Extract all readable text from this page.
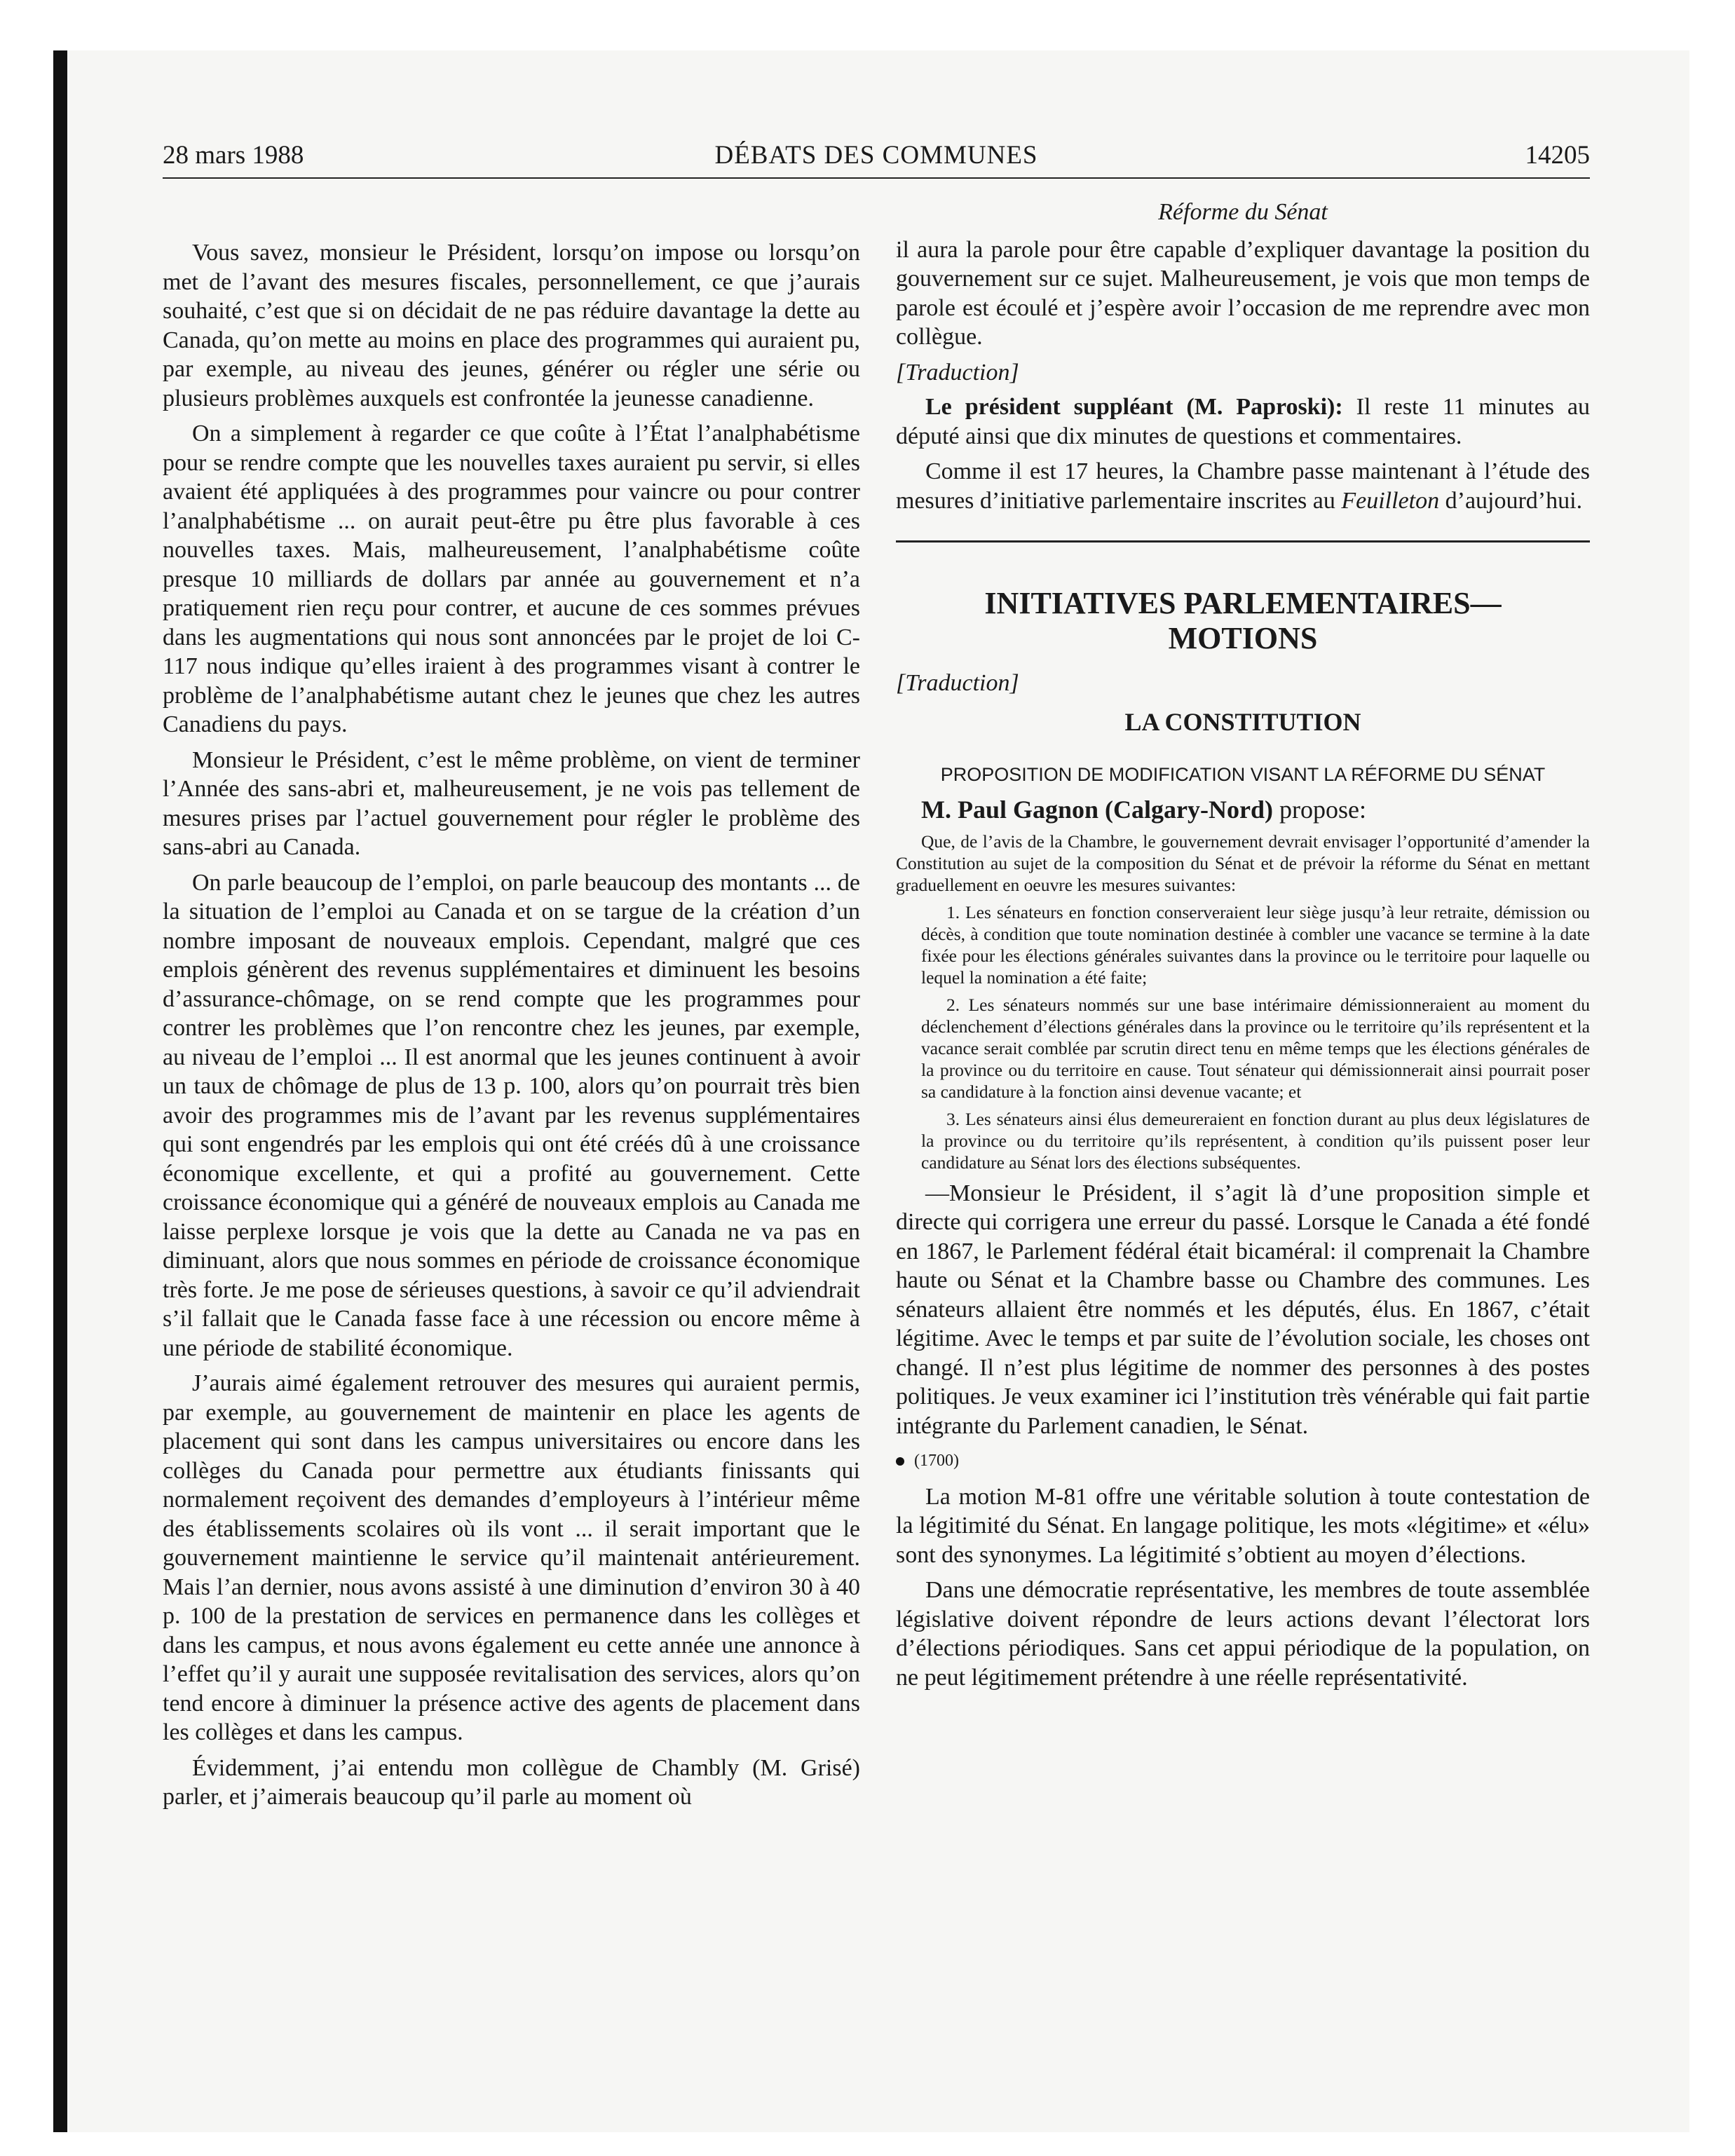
28 mars 1988	DÉBATS DES COMMUNES	14205

Vous savez, monsieur le Président, lorsqu’on impose ou lorsqu’on met de l’avant des mesures fiscales, personnellement, ce que j’aurais souhaité, c’est que si on décidait de ne pas réduire davantage la dette au Canada, qu’on mette au moins en place des programmes qui auraient pu, par exemple, au niveau des jeunes, générer ou régler une série ou plusieurs problèmes auxquels est confrontée la jeunesse canadienne.

On a simplement à regarder ce que coûte à l’État l’analphabétisme pour se rendre compte que les nouvelles taxes auraient pu servir, si elles avaient été appliquées à des programmes pour vaincre ou pour contrer l’analphabétisme ... on aurait peut-être pu être plus favorable à ces nouvelles taxes. Mais, malheureusement, l’analphabétisme coûte presque 10 milliards de dollars par année au gouvernement et n’a pratiquement rien reçu pour contrer, et aucune de ces sommes prévues dans les augmentations qui nous sont annoncées par le projet de loi C-117 nous indique qu’elles iraient à des programmes visant à contrer le problème de l’analphabétisme autant chez le jeunes que chez les autres Canadiens du pays.

Monsieur le Président, c’est le même problème, on vient de terminer l’Année des sans-abri et, malheureusement, je ne vois pas tellement de mesures prises par l’actuel gouvernement pour régler le problème des sans-abri au Canada.

On parle beaucoup de l’emploi, on parle beaucoup des montants ... de la situation de l’emploi au Canada et on se targue de la création d’un nombre imposant de nouveaux emplois. Cependant, malgré que ces emplois génèrent des revenus supplémentaires et diminuent les besoins d’assurance-chômage, on se rend compte que les programmes pour contrer les problèmes que l’on rencontre chez les jeunes, par exemple, au niveau de l’emploi ... Il est anormal que les jeunes continuent à avoir un taux de chômage de plus de 13 p. 100, alors qu’on pourrait très bien avoir des programmes mis de l’avant par les revenus supplémentaires qui sont engendrés par les emplois qui ont été créés dû à une croissance économique excellente, et qui a profité au gouvernement. Cette croissance économique qui a généré de nouveaux emplois au Canada me laisse perplexe lorsque je vois que la dette au Canada ne va pas en diminuant, alors que nous sommes en période de croissance économique très forte. Je me pose de sérieuses questions, à savoir ce qu’il adviendrait s’il fallait que le Canada fasse face à une récession ou encore même à une période de stabilité économique.

J’aurais aimé également retrouver des mesures qui auraient permis, par exemple, au gouvernement de maintenir en place les agents de placement qui sont dans les campus universitaires ou encore dans les collèges du Canada pour permettre aux étudiants finissants qui normalement reçoivent des demandes d’employeurs à l’intérieur même des établissements scolaires où ils vont ... il serait important que le gouvernement maintienne le service qu’il maintenait antérieurement. Mais l’an dernier, nous avons assisté à une diminution d’environ 30 à 40 p. 100 de la prestation de services en permanence dans les collèges et dans les campus, et nous avons également eu cette année une annonce à l’effet qu’il y aurait une supposée revitalisation des services, alors qu’on tend encore à diminuer la présence active des agents de placement dans les collèges et dans les campus.

Évidemment, j’ai entendu mon collègue de Chambly (M. Grisé) parler, et j’aimerais beaucoup qu’il parle au moment où

Réforme du Sénat

il aura la parole pour être capable d’expliquer davantage la position du gouvernement sur ce sujet. Malheureusement, je vois que mon temps de parole est écoulé et j’espère avoir l’occasion de me reprendre avec mon collègue.

[Traduction]

Le président suppléant (M. Paproski): Il reste 11 minutes au député ainsi que dix minutes de questions et commentaires.

Comme il est 17 heures, la Chambre passe maintenant à l’étude des mesures d’initiative parlementaire inscrites au Feuilleton d’aujourd’hui.

INITIATIVES PARLEMENTAIRES—
MOTIONS
[Traduction]
LA CONSTITUTION
PROPOSITION DE MODIFICATION VISANT LA RÉFORME DU SÉNAT
M. Paul Gagnon (Calgary-Nord) propose:

Que, de l’avis de la Chambre, le gouvernement devrait envisager l’opportunité d’amender la Constitution au sujet de la composition du Sénat et de prévoir la réforme du Sénat en mettant graduellement en oeuvre les mesures suivantes:

1. Les sénateurs en fonction conserveraient leur siège jusqu’à leur retraite, démission ou décès, à condition que toute nomination destinée à combler une vacance se termine à la date fixée pour les élections générales suivantes dans la province ou le territoire pour laquelle ou lequel la nomination a été faite;

2. Les sénateurs nommés sur une base intérimaire démissionneraient au moment du déclenchement d’élections générales dans la province ou le territoire qu’ils représentent et la vacance serait comblée par scrutin direct tenu en même temps que les élections générales de la province ou du territoire en cause. Tout sénateur qui démissionnerait ainsi pourrait poser sa candidature à la fonction ainsi devenue vacante; et

3. Les sénateurs ainsi élus demeureraient en fonction durant au plus deux législatures de la province ou du territoire qu’ils représentent, à condition qu’ils puissent poser leur candidature au Sénat lors des élections subséquentes.

—Monsieur le Président, il s’agit là d’une proposition simple et directe qui corrigera une erreur du passé. Lorsque le Canada a été fondé en 1867, le Parlement fédéral était bicaméral: il comprenait la Chambre haute ou Sénat et la Chambre basse ou Chambre des communes. Les sénateurs allaient être nommés et les députés, élus. En 1867, c’était légitime. Avec le temps et par suite de l’évolution sociale, les choses ont changé. Il n’est plus légitime de nommer des personnes à des postes politiques. Je veux examiner ici l’institution très vénérable qui fait partie intégrante du Parlement canadien, le Sénat.

(1700)

La motion M-81 offre une véritable solution à toute contestation de la légitimité du Sénat. En langage politique, les mots «légitime» et «élu» sont des synonymes. La légitimité s’obtient au moyen d’élections.

Dans une démocratie représentative, les membres de toute assemblée législative doivent répondre de leurs actions devant l’électorat lors d’élections périodiques. Sans cet appui périodique de la population, on ne peut légitimement prétendre à une réelle représentativité.
